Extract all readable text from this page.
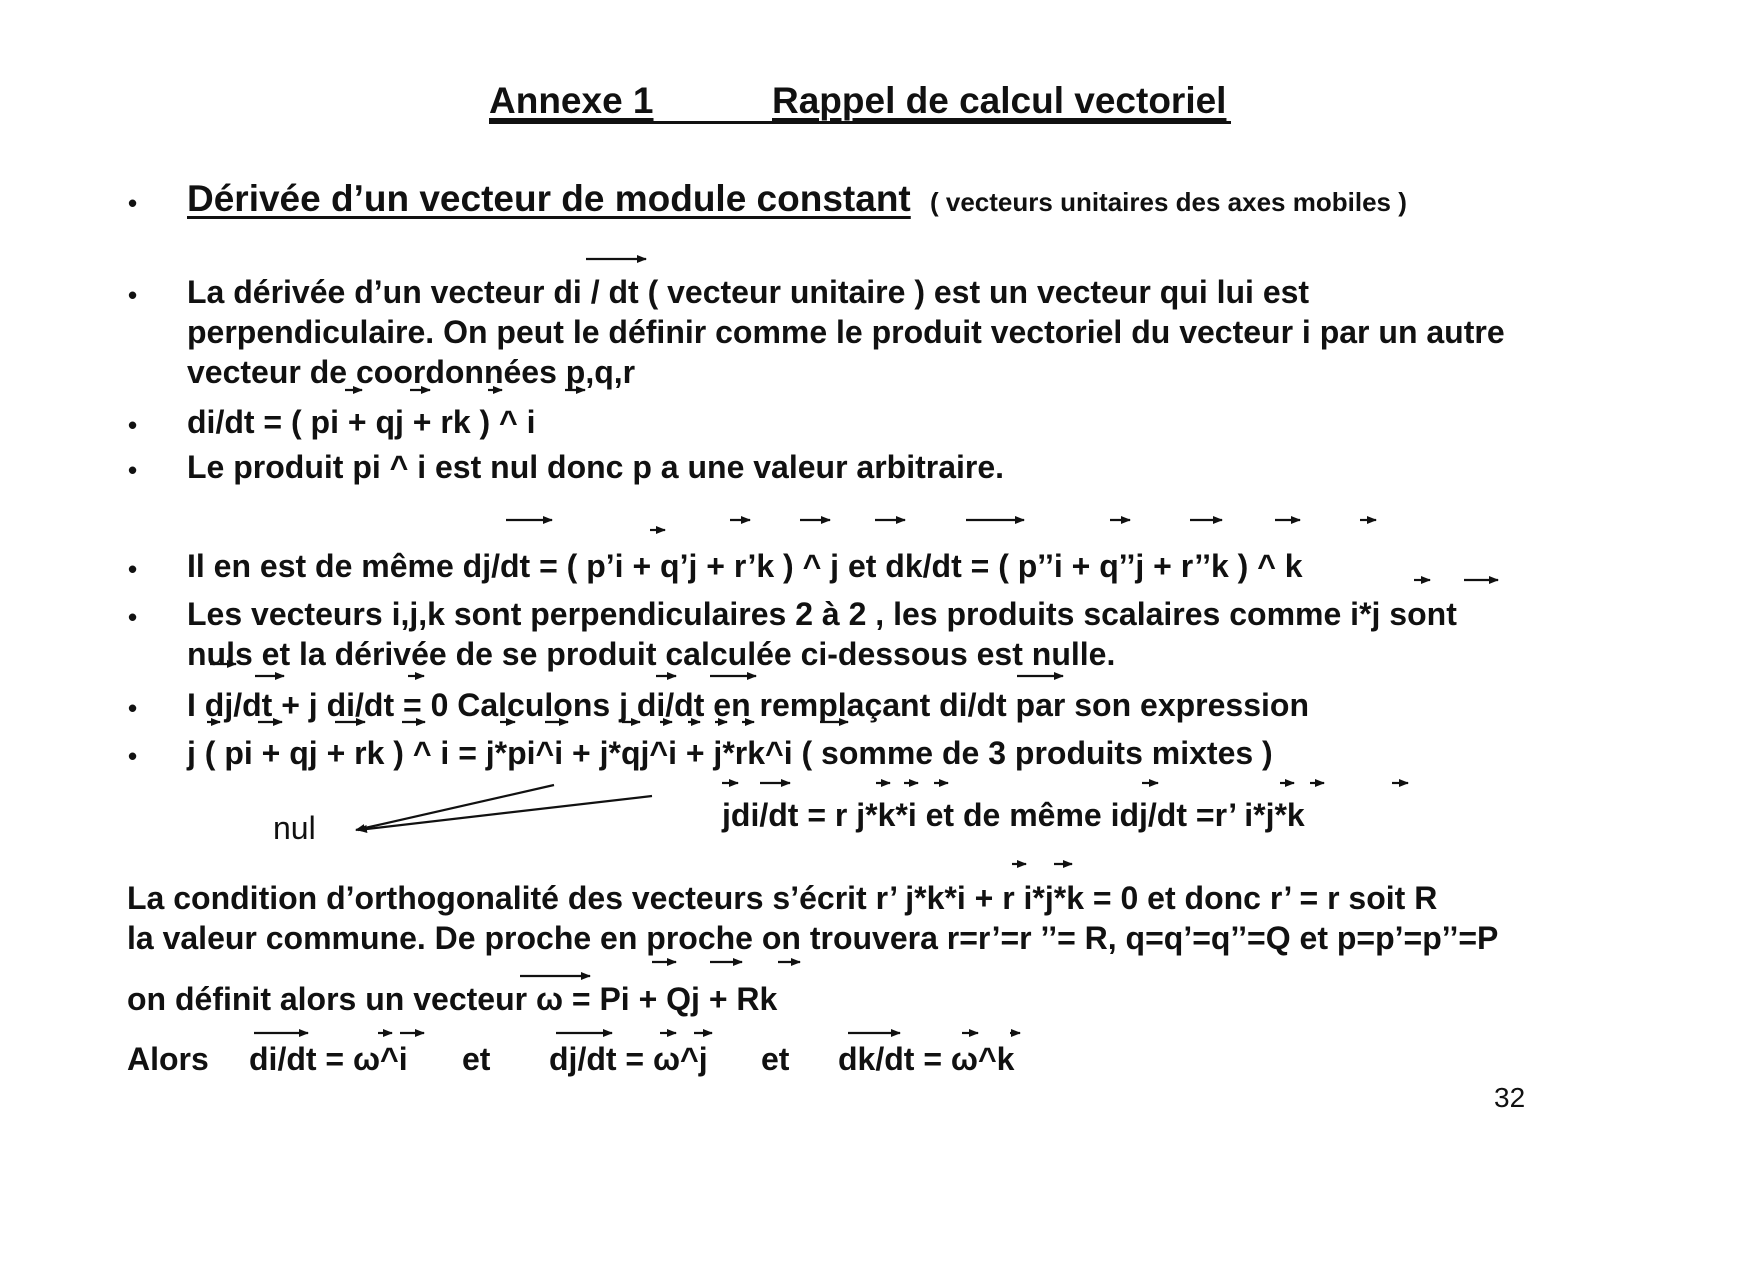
Annexe 1	Rappel de calcul vectoriel
• Dérivée d’un vecteur de module constant ( vecteurs unitaires des axes mobiles )
• La dérivée d’un vecteur di / dt ( vecteur unitaire ) est un vecteur qui lui est
perpendiculaire. On peut le définir comme le produit vectoriel du vecteur i par un autre
vecteur de coordonnées p,q,r
• di/dt = ( pi + qj + rk ) ^ i
• Le produit pi ^ i est nul donc p a une valeur arbitraire.
• Il en est de même dj/dt = ( p’i + q’j + r’k ) ^ j et dk/dt = ( p’’i + q’’j + r’’k ) ^ k
• Les vecteurs i,j,k sont perpendiculaires 2 à 2 , les produits scalaires comme i*j sont
nuls et la dérivée de se produit calculée ci-dessous est nulle.
• I dj/dt + j di/dt = 0 Calculons j di/dt en remplaçant di/dt par son expression
• j ( pi + qj + rk ) ^ i = j*pi^i + j*qj^i + j*rk^i ( somme de 3 produits mixtes )
nul	jdi/dt = r j*k*i et de même idj/dt =r’ i*j*k
La condition d’orthogonalité des vecteurs s’écrit r’ j*k*i + r i*j*k = 0 et donc r’ = r soit R
la valeur commune. De proche en proche on trouvera r=r’=r ’’= R, q=q’=q’’=Q et p=p’=p’’=P
on définit alors un vecteur ω = Pi + Qj + Rk
Alors di/dt = ω^i et dj/dt = ω^j et dk/dt = ω^k
32
